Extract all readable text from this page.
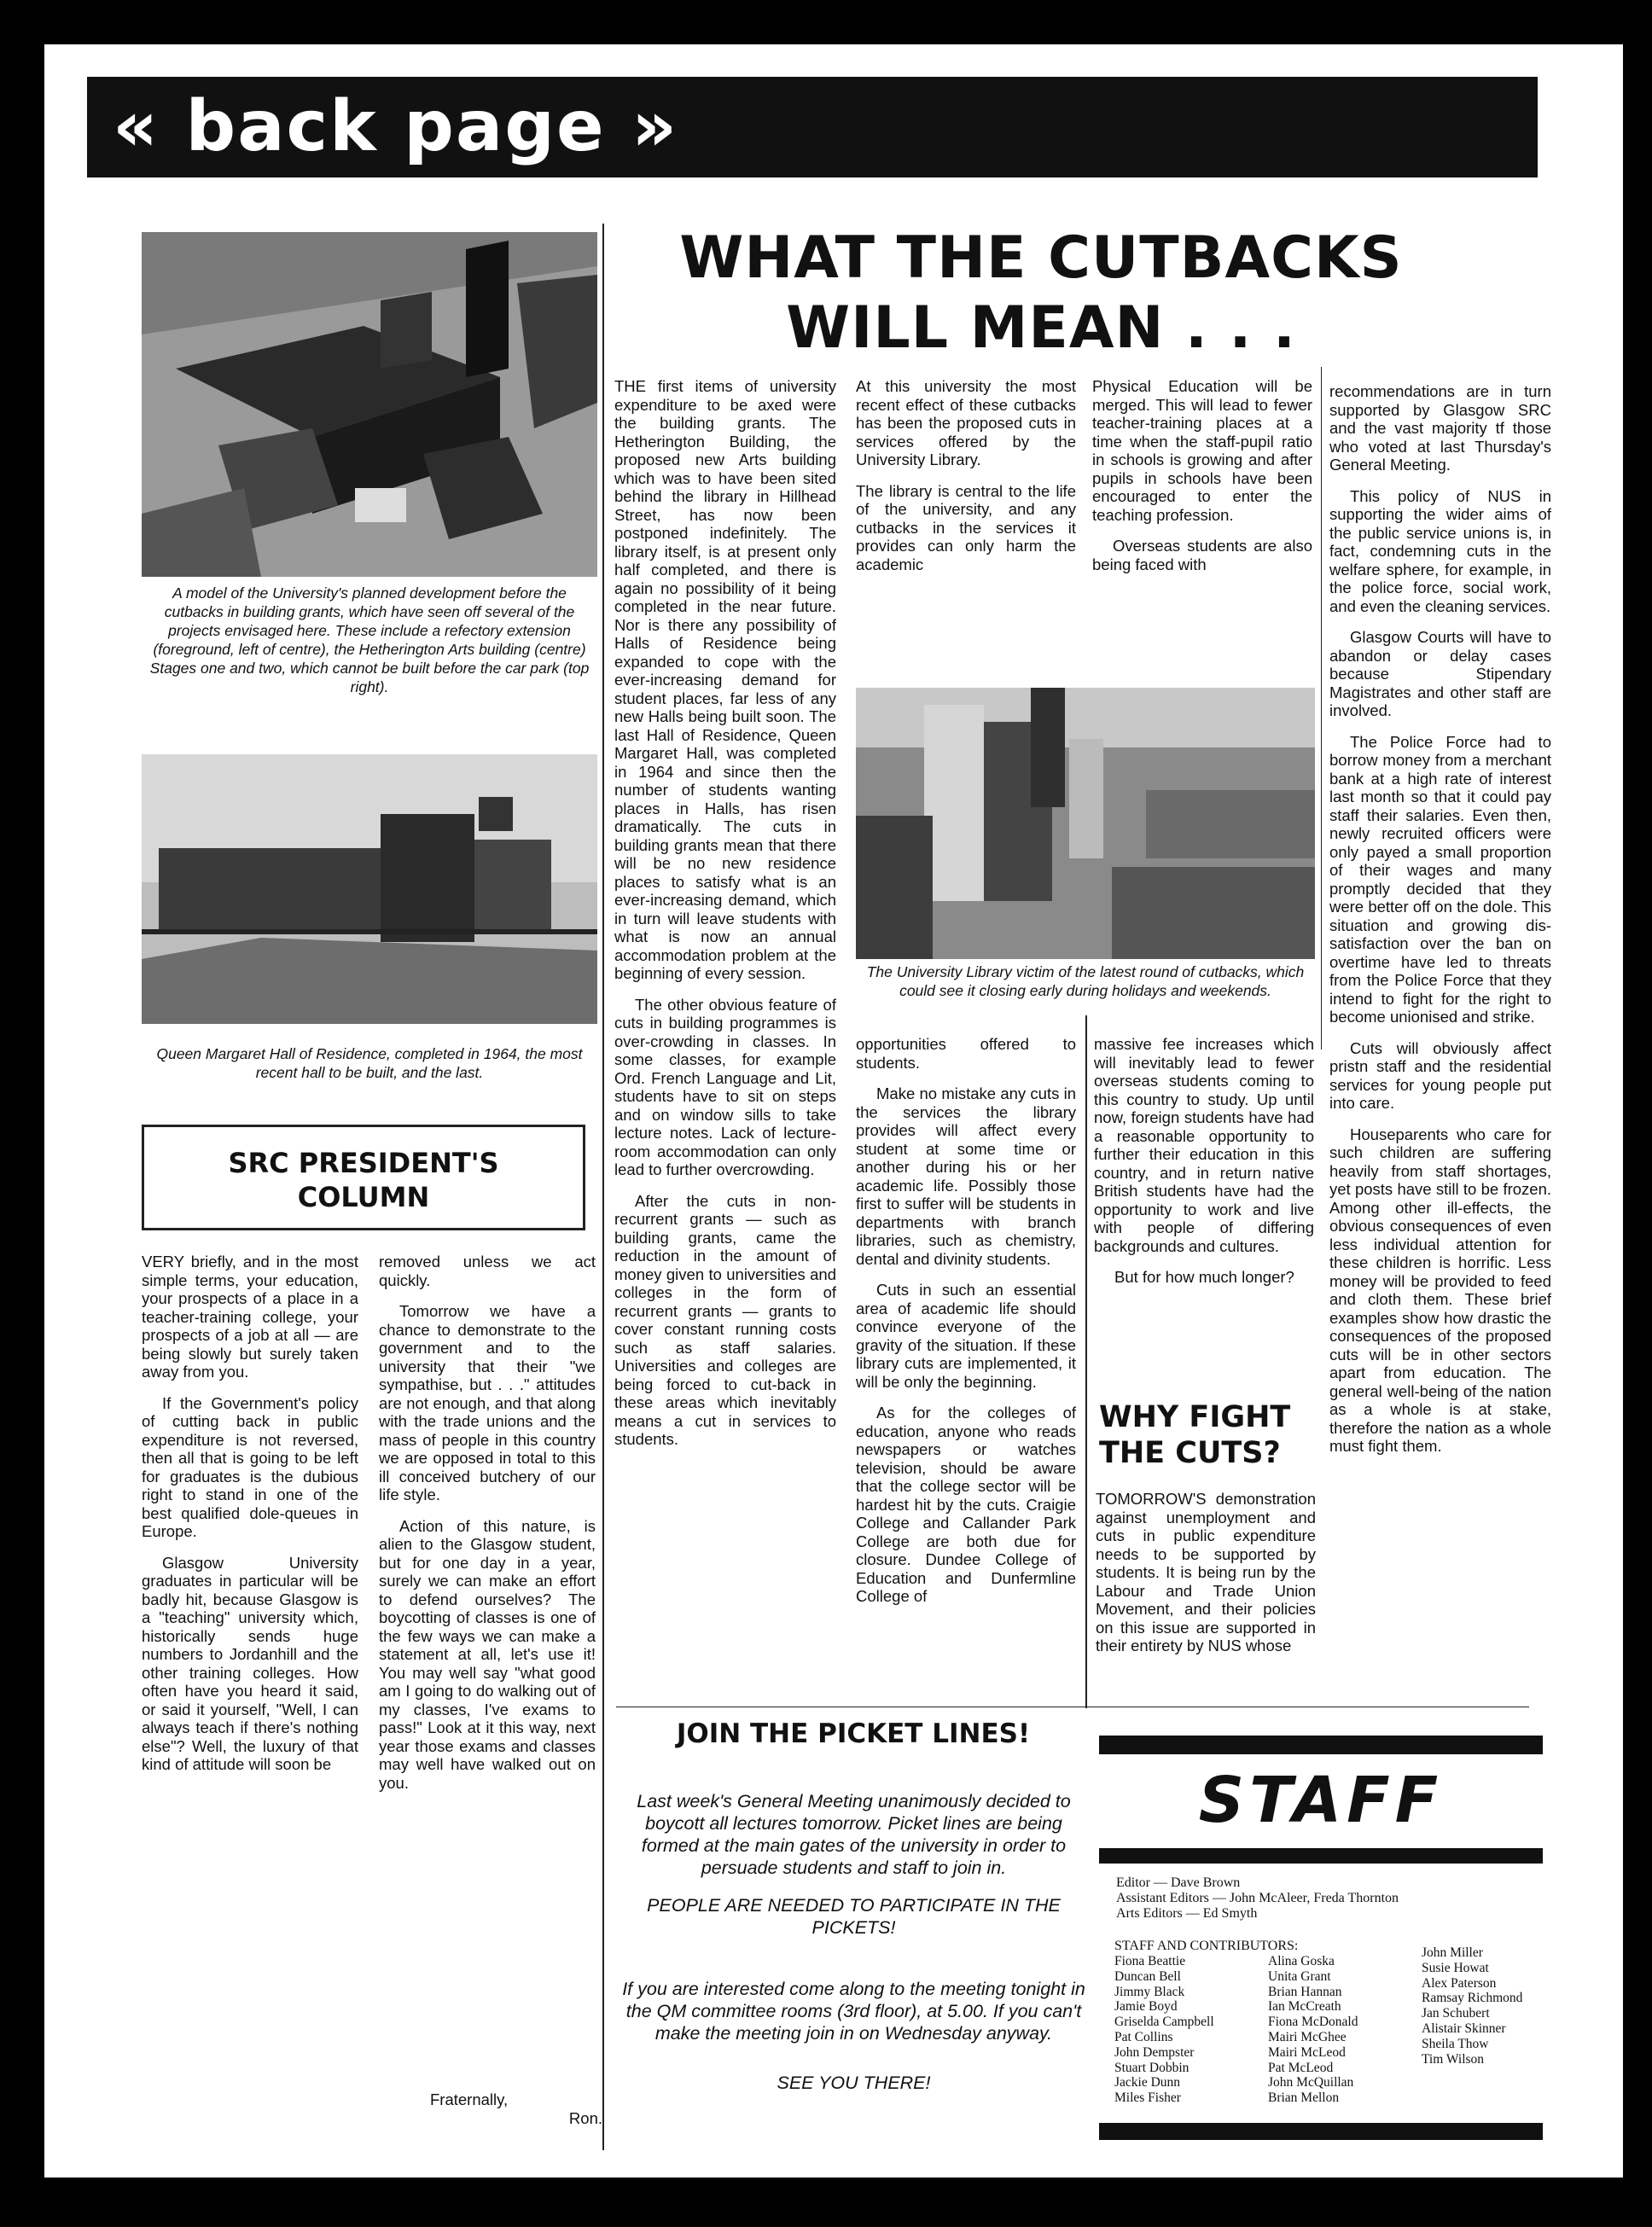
« back page »
A model of the University's planned development before the cutbacks in building grants, which have seen off several of the projects envisaged here. These include a refectory extension (foreground, left of centre), the Hetherington Arts building (centre) Stages one and two, which cannot be built before the car park (top right).
Queen Margaret Hall of Residence, completed in 1964, the most recent hall to be built, and the last.
WHAT THE CUTBACKS
WILL MEAN . . .

THE first items of university expenditure to be axed were the building grants. The Hetherington Building, the proposed new Arts building which was to have been sited behind the library in Hillhead Street, has now been postponed indefinitely. The library itself, is at present only half completed, and there is again no possibility of it being completed in the near future. Nor is there any possibility of Halls of Residence being expanded to cope with the ever-increasing demand for student places, far less of any new Halls being built soon. The last Hall of Residence, Queen Margaret Hall, was completed in 1964 and since then the number of students wanting places in Halls, has risen dramatically. The cuts in building grants mean that there will be no new residence places to satisfy what is an ever-increasing demand, which in turn will leave students with what is now an annual accommodation problem at the beginning of every session.

The other obvious feature of cuts in building programmes is over-crowding in classes. In some classes, for example Ord. French Language and Lit, students have to sit on steps and on window sills to take lecture notes. Lack of lecture-room accommodation can only lead to further overcrowding.

After the cuts in non-recurrent grants — such as building grants, came the reduction in the amount of money given to universities and colleges in the form of recurrent grants — grants to cover constant running costs such as staff salaries. Universities and colleges are being forced to cut-back in these areas which inevitably means a cut in services to students.

At this university the most recent effect of these cutbacks has been the proposed cuts in services offered by the University Library.

The library is central to the life of the university, and any cutbacks in the services it provides can only harm the academic

Physical Education will be merged. This will lead to fewer teacher-training places at a time when the staff-pupil ratio in schools is growing and after pupils in schools have been encouraged to enter the teaching profession.

Overseas students are also being faced with

The University Library victim of the latest round of cutbacks, which could see it closing early during holidays and weekends.

opportunities offered to students.

Make no mistake any cuts in the services the library provides will affect every student at some time or another during his or her academic life. Possibly those first to suffer will be students in departments with branch libraries, such as chemistry, dental and divinity students.

Cuts in such an essential area of academic life should convince everyone of the gravity of the situation. If these library cuts are implemented, it will be only the beginning.

As for the colleges of education, anyone who reads newspapers or watches television, should be aware that the college sector will be hardest hit by the cuts. Craigie College and Callander Park College are both due for closure. Dundee College of Education and Dunfermline College of

massive fee increases which will inevitably lead to fewer overseas students coming to this country to study. Up until now, foreign students have had a reasonable opportunity to further their education in this country, and in return native British students have had the opportunity to work and live with people of differing backgrounds and cultures.

But for how much longer?

WHY FIGHT
THE CUTS?

TOMORROW'S demonstration against unemployment and cuts in public expenditure needs to be supported by students. It is being run by the Labour and Trade Union Movement, and their policies on this issue are supported in their entirety by NUS whose

recommendations are in turn supported by Glasgow SRC and the vast majority tf those who voted at last Thursday's General Meeting.

This policy of NUS in supporting the wider aims of the public service unions is, in fact, condemning cuts in the welfare sphere, for example, in the police force, social work, and even the cleaning services.

Glasgow Courts will have to abandon or delay cases because Stipendary Magistrates and other staff are involved.

The Police Force had to borrow money from a merchant bank at a high rate of interest last month so that it could pay staff their salaries. Even then, newly recruited officers were only payed a small proportion of their wages and many promptly decided that they were better off on the dole. This situation and growing dis-satisfaction over the ban on overtime have led to threats from the Police Force that they intend to fight for the right to become unionised and strike.

Cuts will obviously affect pristn staff and the residential services for young people put into care.

Houseparents who care for such children are suffering heavily from staff shortages, yet posts have still to be frozen. Among other ill-effects, the obvious consequences of even less individual attention for these children is horrific. Less money will be provided to feed and cloth them. These brief examples show how drastic the consequences of the proposed cuts will be in other sectors apart from education. The general well-being of the nation as a whole is at stake, therefore the nation as a whole must fight them.

SRC PRESIDENT'S
COLUMN

VERY briefly, and in the most simple terms, your education, your prospects of a place in a teacher-training college, your prospects of a job at all — are being slowly but surely taken away from you.

If the Government's policy of cutting back in public expenditure is not reversed, then all that is going to be left for graduates is the dubious right to stand in one of the best qualified dole-queues in Europe.

Glasgow University graduates in particular will be badly hit, because Glasgow is a "teaching" university which, historically sends huge numbers to Jordanhill and the other training colleges. How often have you heard it said, or said it yourself, "Well, I can always teach if there's nothing else"? Well, the luxury of that kind of attitude will soon be

removed unless we act quickly.

Tomorrow we have a chance to demonstrate to the government and to the university that their "we sympathise, but . . ." attitudes are not enough, and that along with the trade unions and the mass of people in this country we are opposed in total to this ill conceived butchery of our life style.

Action of this nature, is alien to the Glasgow student, but for one day in a year, surely we can make an effort to defend ourselves? The boycotting of classes is one of the few ways we can make a statement at all, let's use it! You may well say "what good am I going to do walking out of my classes, I've exams to pass!" Look at it this way, next year those exams and classes may well have walked out on you.

Fraternally,
Ron.
JOIN THE PICKET LINES!
Last week's General Meeting unanimously decided to boycott all lectures tomorrow. Picket lines are being formed at the main gates of the university in order to persuade students and staff to join in.
PEOPLE ARE NEEDED TO PARTICIPATE IN THE PICKETS!
If you are interested come along to the meeting tonight in the QM committee rooms (3rd floor), at 5.00. If you can't make the meeting join in on Wednesday anyway.
SEE YOU THERE!
STAFF
Editor — Dave Brown
Assistant Editors — John McAleer, Freda Thornton
Arts Editors — Ed Smyth
STAFF AND CONTRIBUTORS:
Fiona Beattie
Duncan Bell
Jimmy Black
Jamie Boyd
Griselda Campbell
Pat Collins
John Dempster
Stuart Dobbin
Jackie Dunn
Miles Fisher
Alina Goska
Unita Grant
Brian Hannan
Ian McCreath
Fiona McDonald
Mairi McGhee
Mairi McLeod
Pat McLeod
John McQuillan
Brian Mellon
John Miller
Susie Howat
Alex Paterson
Ramsay Richmond
Jan Schubert
Alistair Skinner
Sheila Thow
Tim Wilson
